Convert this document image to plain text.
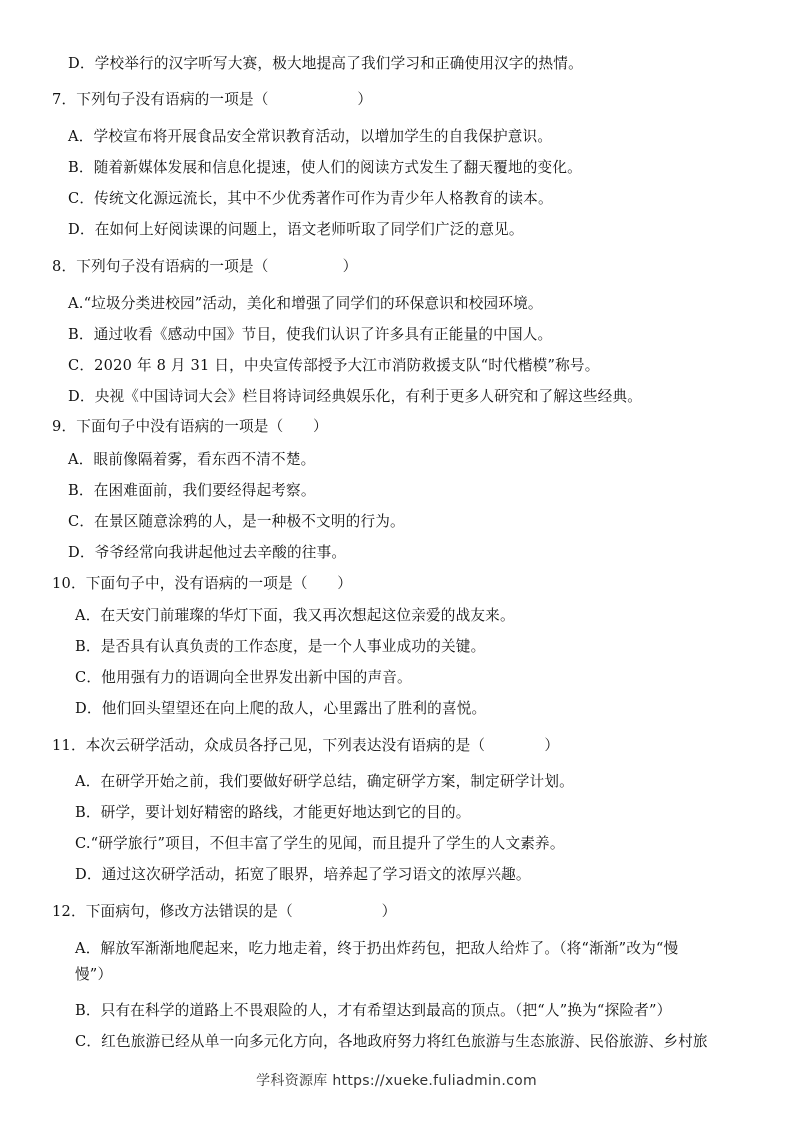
D．学校举行的汉字听写大赛，极大地提高了我们学习和正确使用汉字的热情。
7．下列句子没有语病的一项是（　　　　　　）
A．学校宣布将开展食品安全常识教育活动，以增加学生的自我保护意识。
B．随着新媒体发展和信息化提速，使人们的阅读方式发生了翻天覆地的变化。
C．传统文化源远流长，其中不少优秀著作可作为青少年人格教育的读本。
D．在如何上好阅读课的问题上，语文老师听取了同学们广泛的意见。
8．下列句子没有语病的一项是（　　　　　）
A.“垃圾分类进校园”活动，美化和增强了同学们的环保意识和校园环境。
B．通过收看《感动中国》节目，使我们认识了许多具有正能量的中国人。
C．2020 年 8 月 31 日，中央宣传部授予大江市消防救援支队“时代楷模”称号。
D．央视《中国诗词大会》栏目将诗词经典娱乐化，有利于更多人研究和了解这些经典。
9．下面句子中没有语病的一项是（　　）
A．眼前像隔着雾，看东西不清不楚。
B．在困难面前，我们要经得起考察。
C．在景区随意涂鸦的人，是一种极不文明的行为。
D．爷爷经常向我讲起他过去辛酸的往事。
10．下面句子中，没有语病的一项是（　　）
A．在天安门前璀璨的华灯下面，我又再次想起这位亲爱的战友来。
B．是否具有认真负责的工作态度，是一个人事业成功的关键。
C．他用强有力的语调向全世界发出新中国的声音。
D．他们回头望望还在向上爬的敌人，心里露出了胜利的喜悦。
11．本次云研学活动，众成员各抒己见，下列表达没有语病的是（　　　　）
A．在研学开始之前，我们要做好研学总结，确定研学方案，制定研学计划。
B．研学，要计划好精密的路线，才能更好地达到它的目的。
C.“研学旅行”项目，不但丰富了学生的见闻，而且提升了学生的人文素养。
D．通过这次研学活动，拓宽了眼界，培养起了学习语文的浓厚兴趣。
12．下面病句，修改方法错误的是（　　　　　　）
A．解放军渐渐地爬起来，吃力地走着，终于扔出炸药包，把敌人给炸了。（将“渐渐”改为“慢
慢”）
B．只有在科学的道路上不畏艰险的人，才有希望达到最高的顶点。（把“人”换为“探险者”）
C．红色旅游已经从单一向多元化方向，各地政府努力将红色旅游与生态旅游、民俗旅游、乡村旅
学科资源库 https://xueke.fuliadmin.com
